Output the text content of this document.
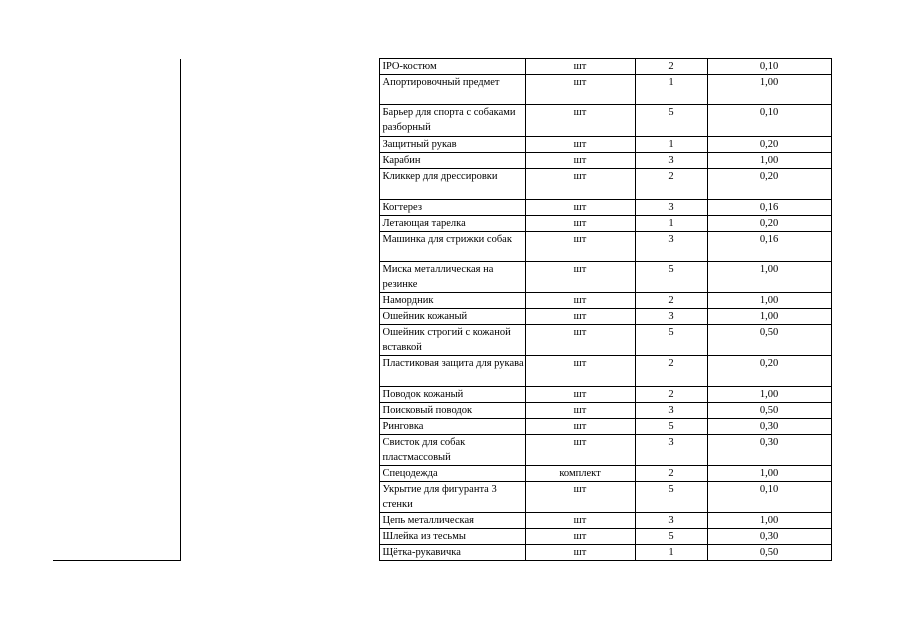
		IPO-костюм	шт	2	0,10
		Апортировочный предмет	шт	1	1,00
		Барьер для спорта с собаками разборный	шт	5	0,10
		Защитный рукав	шт	1	0,20
		Карабин	шт	3	1,00
		Кликкер для дрессировки	шт	2	0,20
		Когтерез	шт	3	0,16
		Летающая тарелка	шт	1	0,20
		Машинка для стрижки собак	шт	3	0,16
		Миска металлическая на резинке	шт	5	1,00
		Намордник	шт	2	1,00
		Ошейник кожаный	шт	3	1,00
		Ошейник строгий с кожаной вставкой	шт	5	0,50
		Пластиковая защита для рукава	шт	2	0,20
		Поводок кожаный	шт	2	1,00
		Поисковый поводок	шт	3	0,50
		Ринговка	шт	5	0,30
		Свисток для собак пластмассовый	шт	3	0,30
		Спецодежда	комплект	2	1,00
		Укрытие для фигуранта 3 стенки	шт	5	0,10
		Цепь металлическая	шт	3	1,00
		Шлейка из тесьмы	шт	5	0,30
		Щётка-рукавичка	шт	1	0,50
